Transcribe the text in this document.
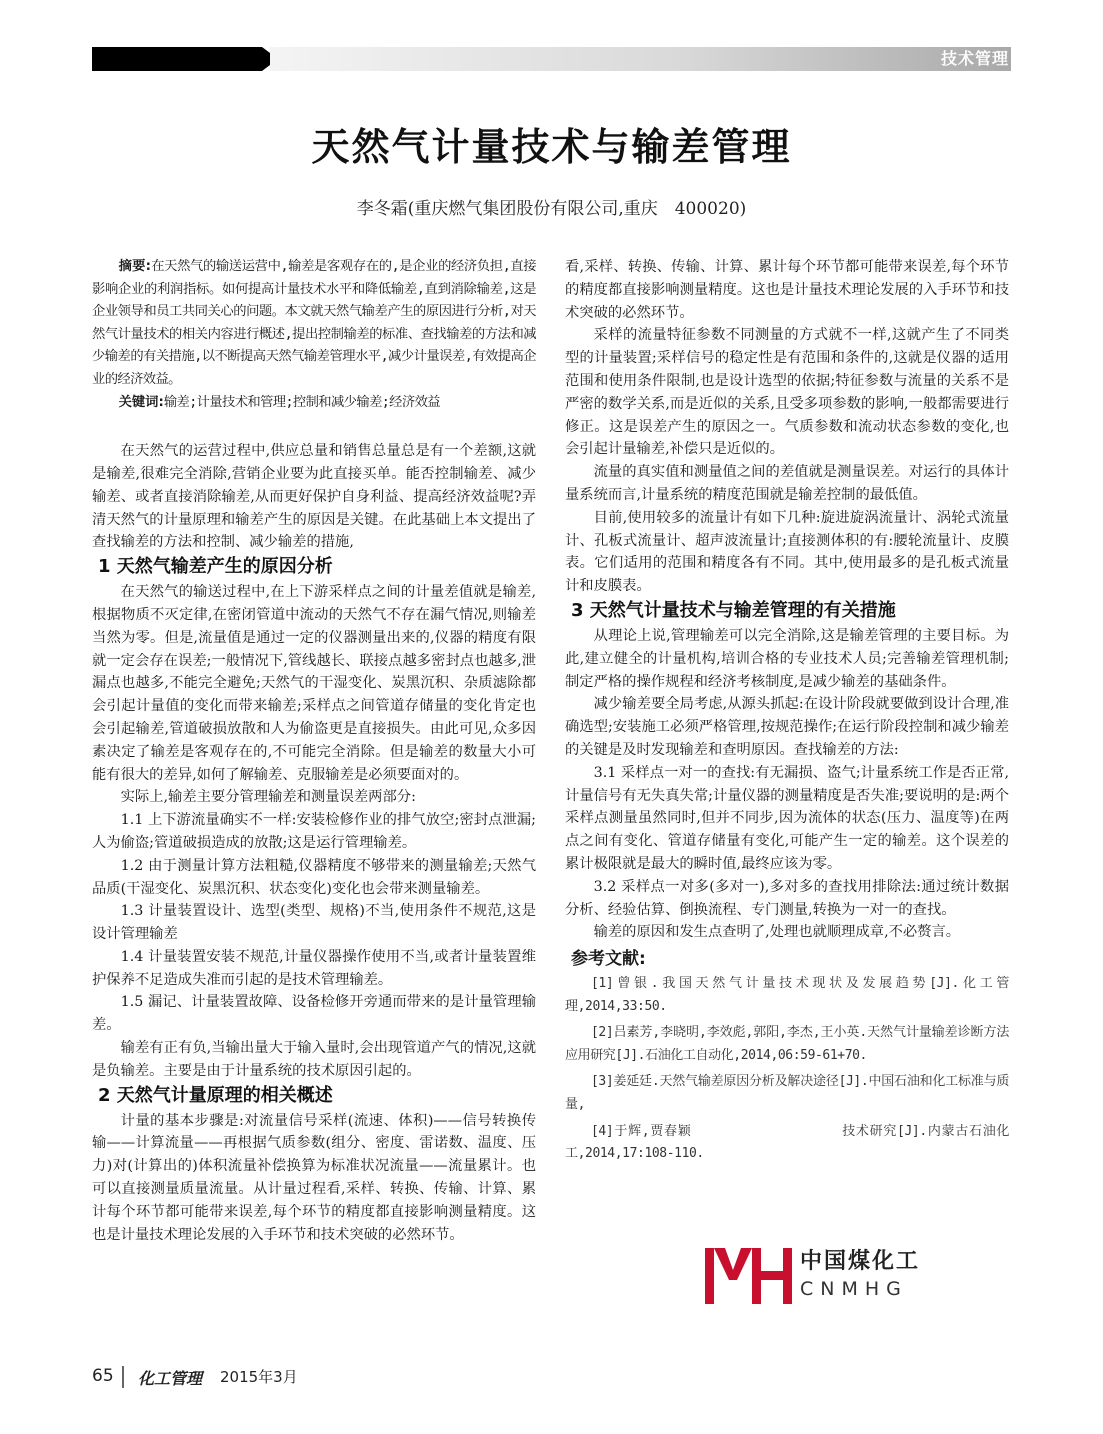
技术管理
天然气计量技术与输差管理
李冬霜(重庆燃气集团股份有限公司,重庆　400020)

摘要:在天然气的输送运营中,输差是客观存在的,是企业的经济负担,直接影响企业的利润指标。如何提高计量技术水平和降低输差,直到消除输差,这是企业领导和员工共同关心的问题。本文就天然气输差产生的原因进行分析,对天然气计量技术的相关内容进行概述,提出控制输差的标准、查找输差的方法和减少输差的有关措施,以不断提高天然气输差管理水平,减少计量误差,有效提高企业的经济效益。

关键词:输差;计量技术和管理;控制和减少输差;经济效益

在天然气的运营过程中,供应总量和销售总量总是有一个差额,这就是输差,很难完全消除,营销企业要为此直接买单。能否控制输差、减少输差、或者直接消除输差,从而更好保护自身利益、提高经济效益呢?弄清天然气的计量原理和输差产生的原因是关键。在此基础上本文提出了查找输差的方法和控制、减少输差的措施,

1 天然气输差产生的原因分析

在天然气的输送过程中,在上下游采样点之间的计量差值就是输差,根据物质不灭定律,在密闭管道中流动的天然气不存在漏气情况,则输差当然为零。但是,流量值是通过一定的仪器测量出来的,仪器的精度有限就一定会存在误差;一般情况下,管线越长、联接点越多密封点也越多,泄漏点也越多,不能完全避免;天然气的干湿变化、炭黑沉积、杂质滤除都会引起计量值的变化而带来输差;采样点之间管道存储量的变化肯定也会引起输差,管道破损放散和人为偷盗更是直接损失。由此可见,众多因素决定了输差是客观存在的,不可能完全消除。但是输差的数量大小可能有很大的差异,如何了解输差、克服输差是必须要面对的。

实际上,输差主要分管理输差和测量误差两部分:

1.1 上下游流量确实不一样:安装检修作业的排气放空;密封点泄漏;人为偷盗;管道破损造成的放散;这是运行管理输差。

1.2 由于测量计算方法粗糙,仪器精度不够带来的测量输差;天然气品质(干湿变化、炭黑沉积、状态变化)变化也会带来测量输差。

1.3 计量装置设计、选型(类型、规格)不当,使用条件不规范,这是设计管理输差

1.4 计量装置安装不规范,计量仪器操作使用不当,或者计量装置维护保养不足造成失准而引起的是技术管理输差。

1.5 漏记、计量装置故障、设备检修开旁通而带来的是计量管理输差。

输差有正有负,当输出量大于输入量时,会出现管道产气的情况,这就是负输差。主要是由于计量系统的技术原因引起的。

2 天然气计量原理的相关概述

计量的基本步骤是:对流量信号采样(流速、体积)——信号转换传输——计算流量——再根据气质参数(组分、密度、雷诺数、温度、压力)对(计算出的)体积流量补偿换算为标准状况流量——流量累计。也可以直接测量质量流量。从计量过程看,采样、转换、传输、计算、累计每个环节都可能带来误差,每个环节的精度都直接影响测量精度。这也是计量技术理论发展的入手环节和技术突破的必然环节。

看,采样、转换、传输、计算、累计每个环节都可能带来误差,每个环节的精度都直接影响测量精度。这也是计量技术理论发展的入手环节和技术突破的必然环节。

采样的流量特征参数不同测量的方式就不一样,这就产生了不同类型的计量装置;采样信号的稳定性是有范围和条件的,这就是仪器的适用范围和使用条件限制,也是设计选型的依据;特征参数与流量的关系不是严密的数学关系,而是近似的关系,且受多项参数的影响,一般都需要进行修正。这是误差产生的原因之一。气质参数和流动状态参数的变化,也会引起计量输差,补偿只是近似的。

流量的真实值和测量值之间的差值就是测量误差。对运行的具体计量系统而言,计量系统的精度范围就是输差控制的最低值。

目前,使用较多的流量计有如下几种:旋进旋涡流量计、涡轮式流量计、孔板式流量计、超声波流量计;直接测体积的有:腰轮流量计、皮膜表。它们适用的范围和精度各有不同。其中,使用最多的是孔板式流量计和皮膜表。

3 天然气计量技术与输差管理的有关措施

从理论上说,管理输差可以完全消除,这是输差管理的主要目标。为此,建立健全的计量机构,培训合格的专业技术人员;完善输差管理机制;制定严格的操作规程和经济考核制度,是减少输差的基础条件。

减少输差要全局考虑,从源头抓起:在设计阶段就要做到设计合理,准确选型;安装施工必须严格管理,按规范操作;在运行阶段控制和减少输差的关键是及时发现输差和查明原因。查找输差的方法:

3.1 采样点一对一的查找:有无漏损、盗气;计量系统工作是否正常,计量信号有无失真失常;计量仪器的测量精度是否失准;要说明的是:两个采样点测量虽然同时,但并不同步,因为流体的状态(压力、温度等)在两点之间有变化、管道存储量有变化,可能产生一定的输差。这个误差的累计极限就是最大的瞬时值,最终应该为零。

3.2 采样点一对多(多对一),多对多的查找用排除法:通过统计数据分析、经验估算、倒换流程、专门测量,转换为一对一的查找。

输差的原因和发生点查明了,处理也就顺理成章,不必赘言。

参考文献:

[1]曾银.我国天然气计量技术现状及发展趋势[J].化工管理,2014,33:50.

[2]吕素芳,李晓明,李效彪,郭阳,李杰,王小英.天然气计量输差诊断方法应用研究[J].石油化工自动化,2014,06:59-61+70.

[3]姜延廷.天然气输差原因分析及解决途径[J].中国石油和化工标准与质量,

[4]于辉,贾春颖　　　　　　　　　　　技术研究[J].内蒙古石油化工,2014,17:108-110.

中国煤化工
CNMHG
65 化工管理 2015年3月
